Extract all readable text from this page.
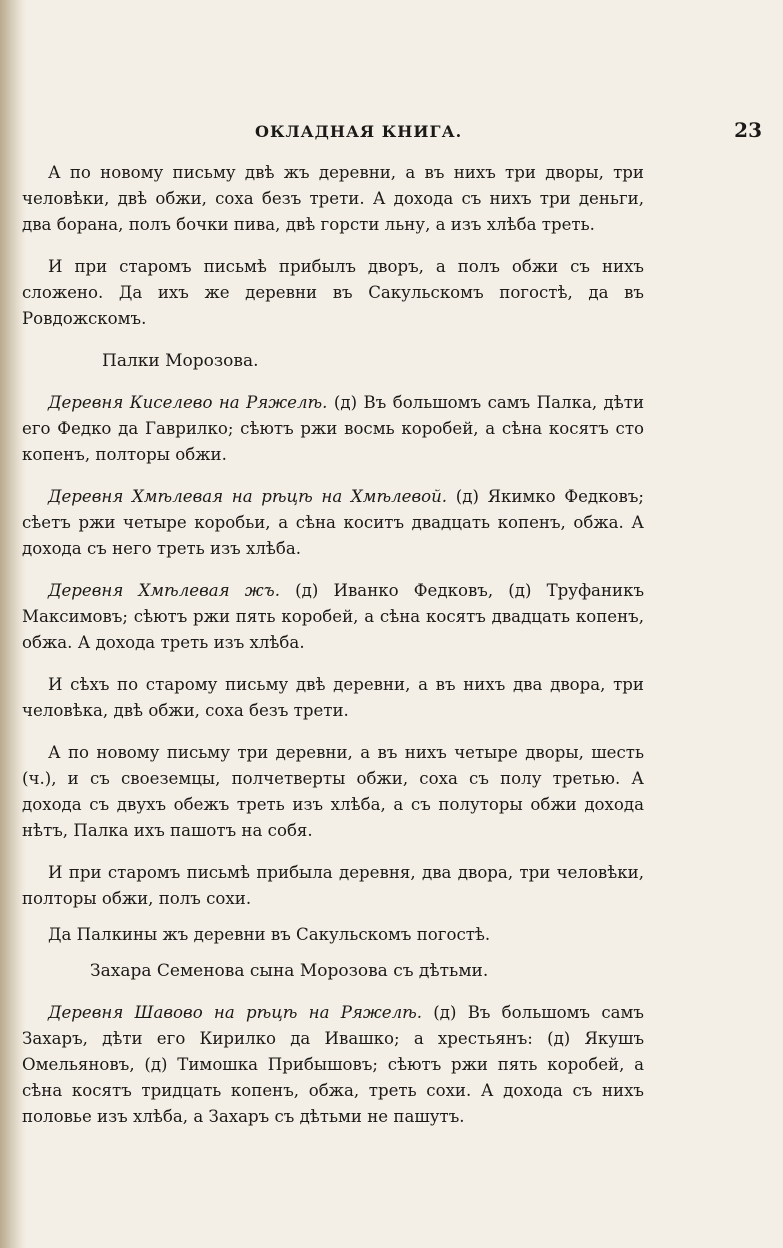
ОКЛАДНАЯ КНИГА.	23

А по новому письму двѣ жъ деревни, а въ нихъ три дворы, три человѣки, двѣ обжи, соха безъ трети. А дохода съ нихъ три деньги, два борана, полъ бочки пива, двѣ горсти льну, а изъ хлѣба треть.

И при старомъ письмѣ прибылъ дворъ, а полъ обжи съ нихъ сложено. Да ихъ же деревни въ Сакульскомъ погостѣ, да въ Ровдожскомъ.

Палки Морозова.

Деревня Киселево на Ряжелѣ. (д) Въ большомъ самъ Палка, дѣти его Федко да Гаврилко; сѣютъ ржи восмь коробей, а сѣна косятъ сто копенъ, полторы обжи.

Деревня Хмѣлевая на рѣцѣ на Хмѣлевой. (д) Якимко Федковъ; сѣетъ ржи четыре коробьи, а сѣна коситъ двадцать копенъ, обжа. А дохода съ него треть изъ хлѣба.

Деревня Хмѣлевая жъ. (д) Иванко Федковъ, (д) Труфаникъ Максимовъ; сѣютъ ржи пять коробей, а сѣна косятъ двадцать копенъ, обжа. А дохода треть изъ хлѣба.

И сѣхъ по старому письму двѣ деревни, а въ нихъ два двора, три человѣка, двѣ обжи, соха безъ трети.

А по новому письму три деревни, а въ нихъ четыре дворы, шесть (ч.), и съ своеземцы, полчетверты обжи, соха съ полу третью. А дохода съ двухъ обежъ треть изъ хлѣба, а съ полуторы обжи дохода нѣтъ, Палка ихъ пашотъ на собя.

И при старомъ письмѣ прибыла деревня, два двора, три человѣки, полторы обжи, полъ сохи.

Да Палкины жъ деревни въ Сакульскомъ погостѣ.

Захара Семенова сына Морозова съ дѣтьми.

Деревня Шавово на рѣцѣ на Ряжелѣ. (д) Въ большомъ самъ Захаръ, дѣти его Кирилко да Ивашко; а хрестьянъ: (д) Якушъ Омельяновъ, (д) Тимошка Прибышовъ; сѣютъ ржи пять коробей, а сѣна косятъ тридцать копенъ, обжа, треть сохи. А дохода съ нихъ половье изъ хлѣба, а Захаръ съ дѣтьми не пашутъ.
